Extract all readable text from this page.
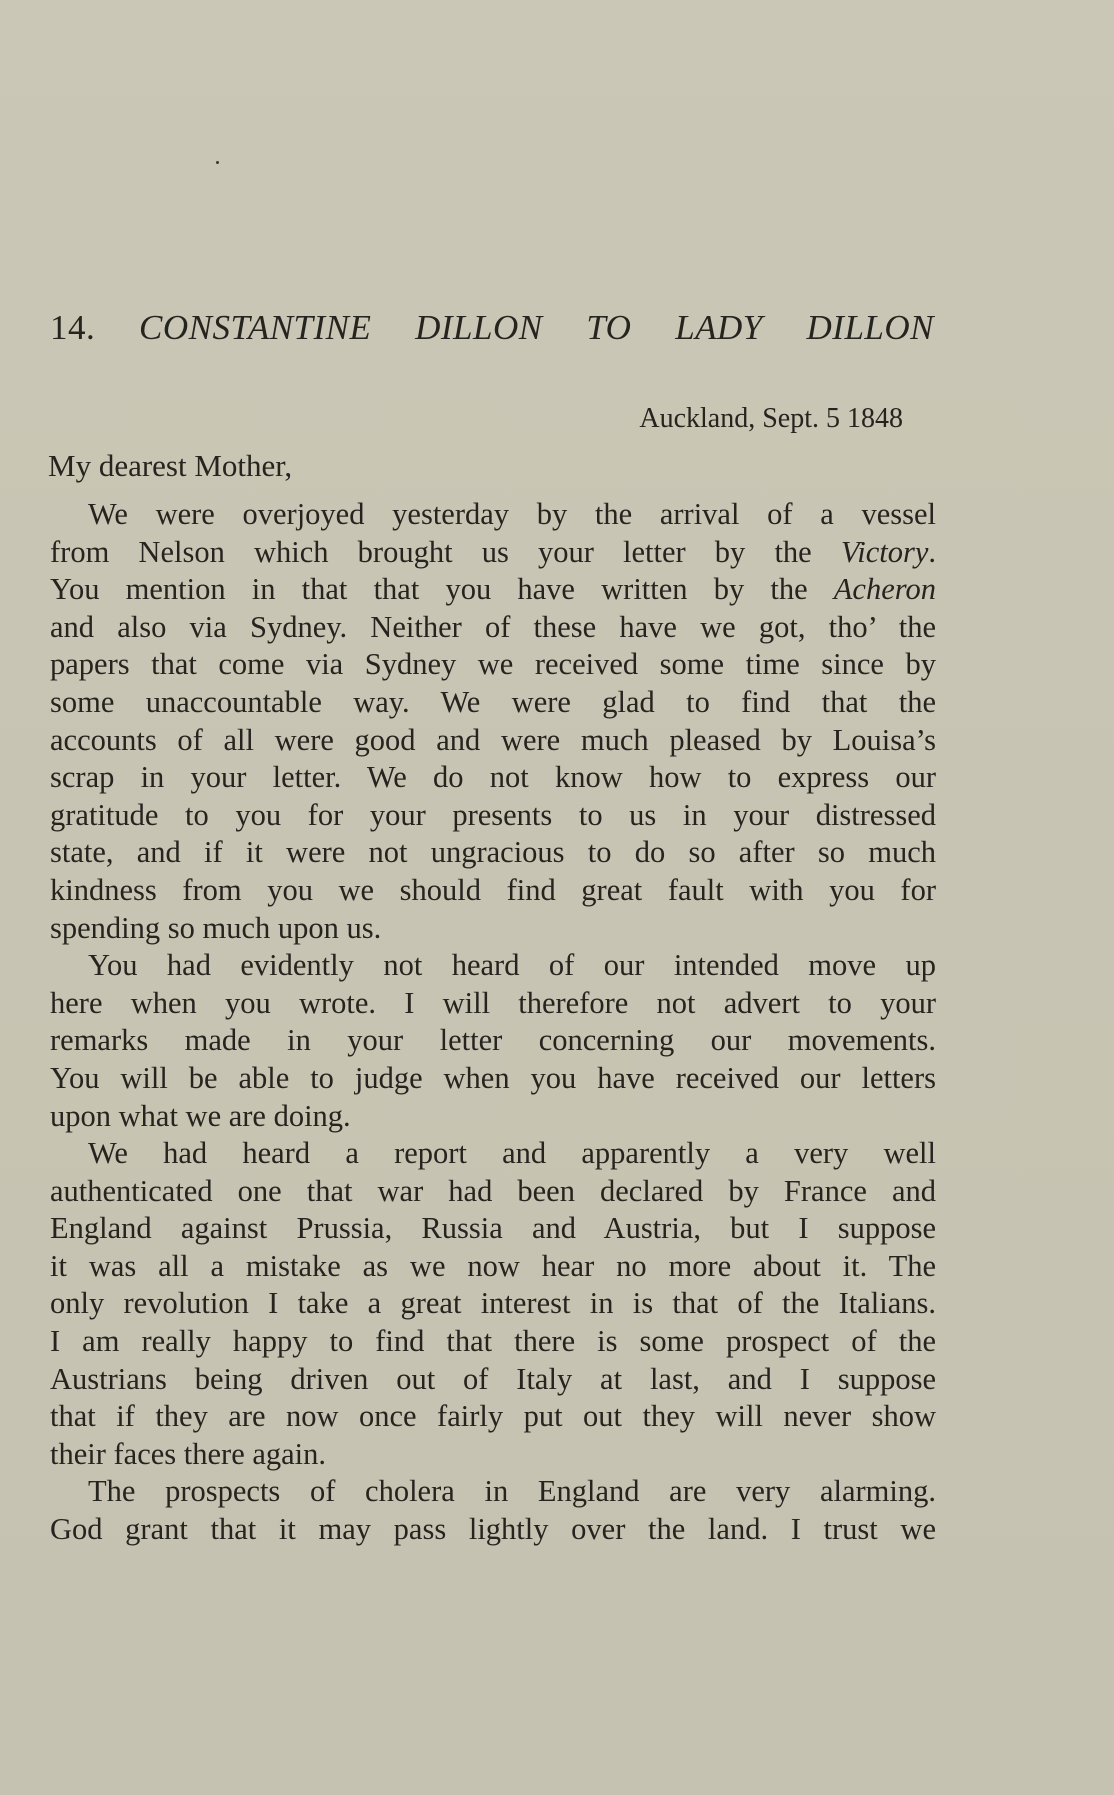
14. CONSTANTINE DILLON TO LADY DILLON
Auckland, Sept. 5 1848
My dearest Mother,
We were overjoyed yesterday by the arrival of a vessel
from Nelson which brought us your letter by the Victory.
You mention in that that you have written by the Acheron
and also via Sydney. Neither of these have we got, tho’ the
papers that come via Sydney we received some time since by
some unaccountable way. We were glad to find that the
accounts of all were good and were much pleased by Louisa’s
scrap in your letter. We do not know how to express our
gratitude to you for your presents to us in your distressed
state, and if it were not ungracious to do so after so much
kindness from you we should find great fault with you for
spending so much upon us.
You had evidently not heard of our intended move up
here when you wrote. I will therefore not advert to your
remarks made in your letter concerning our movements.
You will be able to judge when you have received our letters
upon what we are doing.
We had heard a report and apparently a very well
authenticated one that war had been declared by France and
England against Prussia, Russia and Austria, but I suppose
it was all a mistake as we now hear no more about it. The
only revolution I take a great interest in is that of the Italians.
I am really happy to find that there is some prospect of the
Austrians being driven out of Italy at last, and I suppose
that if they are now once fairly put out they will never show
their faces there again.
The prospects of cholera in England are very alarming.
God grant that it may pass lightly over the land. I trust we
